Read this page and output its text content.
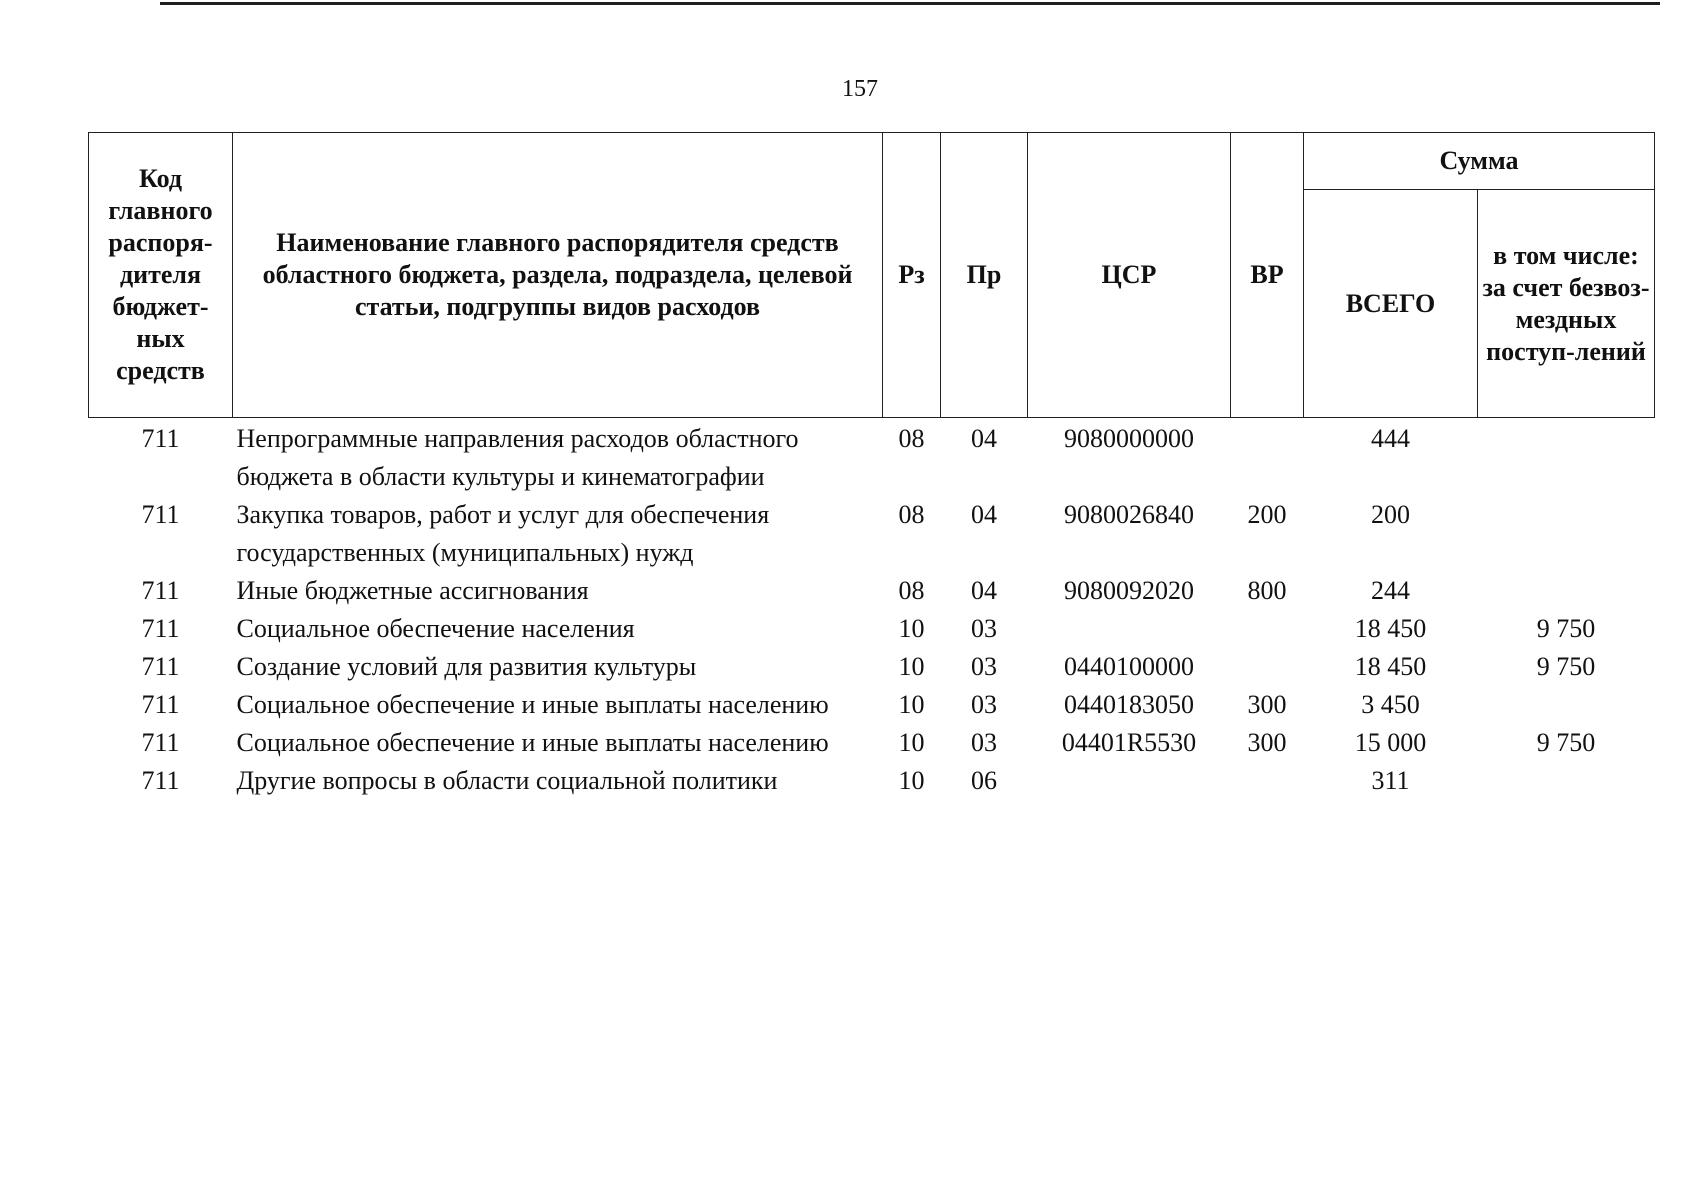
157
Код главного распоря-дителя бюджет-ных средств	Наименование главного распорядителя средств областного бюджета, раздела, подраздела, целевой статьи, подгруппы видов расходов	Рз	Пр	ЦСР	ВР	Сумма	
						ВСЕГО	в том числе: за счет безвоз-мездных поступ-лений
711	Непрограммные направления расходов областного бюджета в области культуры и кинематографии	08	04	9080000000		444	
711	Закупка товаров, работ и услуг для обеспечения государственных (муниципальных) нужд	08	04	9080026840	200	200	
711	Иные бюджетные ассигнования	08	04	9080092020	800	244	
711	Социальное обеспечение населения	10	03			18 450	9 750
711	Создание условий для развития культуры	10	03	0440100000		18 450	9 750
711	Социальное обеспечение и иные выплаты населению	10	03	0440183050	300	3 450	
711	Социальное обеспечение и иные выплаты населению	10	03	04401R5530	300	15 000	9 750
711	Другие вопросы в области социальной политики	10	06			311	
